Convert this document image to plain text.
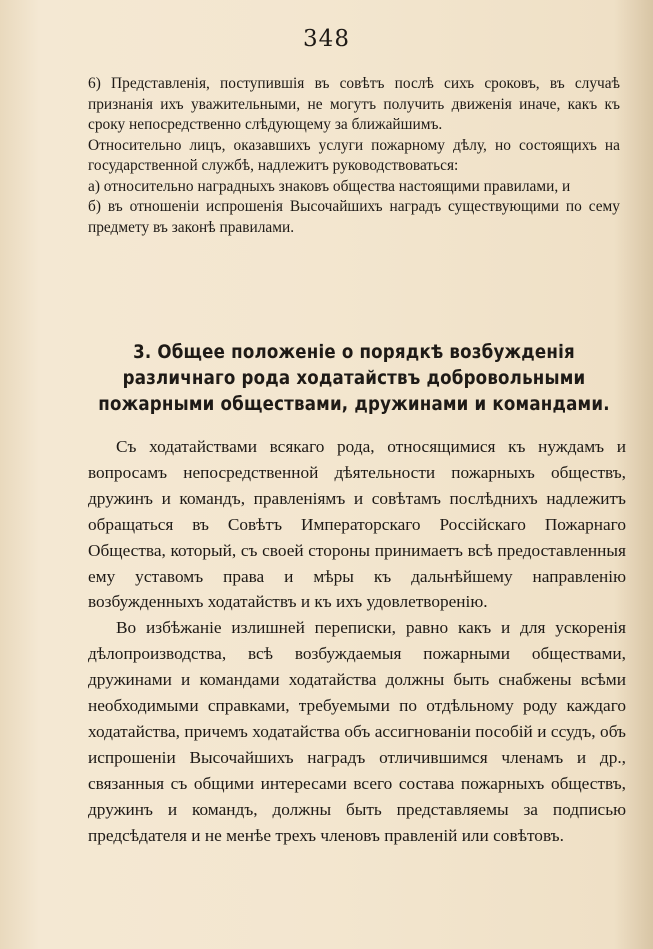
348

6) Представленія, поступившія въ совѣтъ послѣ сихъ сроковъ, въ случаѣ признанія ихъ уважительными, не могутъ получить движенія иначе, какъ къ сроку непосредственно слѣдующему за ближайшимъ.

Относительно лицъ, оказавшихъ услуги пожарному дѣлу, но состоящихъ на государственной службѣ, надлежитъ руководствоваться:

а) относительно наградныхъ знаковъ общества настоящими правилами, и

б) въ отношеніи испрошенія Высочайшихъ наградъ существующими по сему предмету въ законѣ правилами.

3. Общее положеніе о порядкѣ возбужденія различнаго рода ходатайствъ добровольными пожарными обществами, дружинами и командами.

Съ ходатайствами всякаго рода, относящимися къ нуждамъ и вопросамъ непосредственной дѣятельности пожарныхъ обществъ, дружинъ и командъ, правленіямъ и совѣтамъ послѣднихъ надлежитъ обращаться въ Совѣтъ Императорскаго Россійскаго Пожарнаго Общества, который, съ своей стороны принимаетъ всѣ предоставленныя ему уставомъ права и мѣры къ дальнѣйшему направленію возбужденныхъ ходатайствъ и къ ихъ удовлетворенію.

Во избѣжаніе излишней переписки, равно какъ и для ускоренія дѣлопроизводства, всѣ возбуждаемыя пожарными обществами, дружинами и командами ходатайства должны быть снабжены всѣми необходимыми справками, требуемыми по отдѣльному роду каждаго ходатайства, причемъ ходатайства объ ассигнованіи пособій и ссудъ, объ испрошеніи Высочайшихъ наградъ отличившимся членамъ и др., связанныя съ общими интересами всего состава пожарныхъ обществъ, дружинъ и командъ, должны быть представляемы за подписью предсѣдателя и не менѣе трехъ членовъ правленій или совѣтовъ.
